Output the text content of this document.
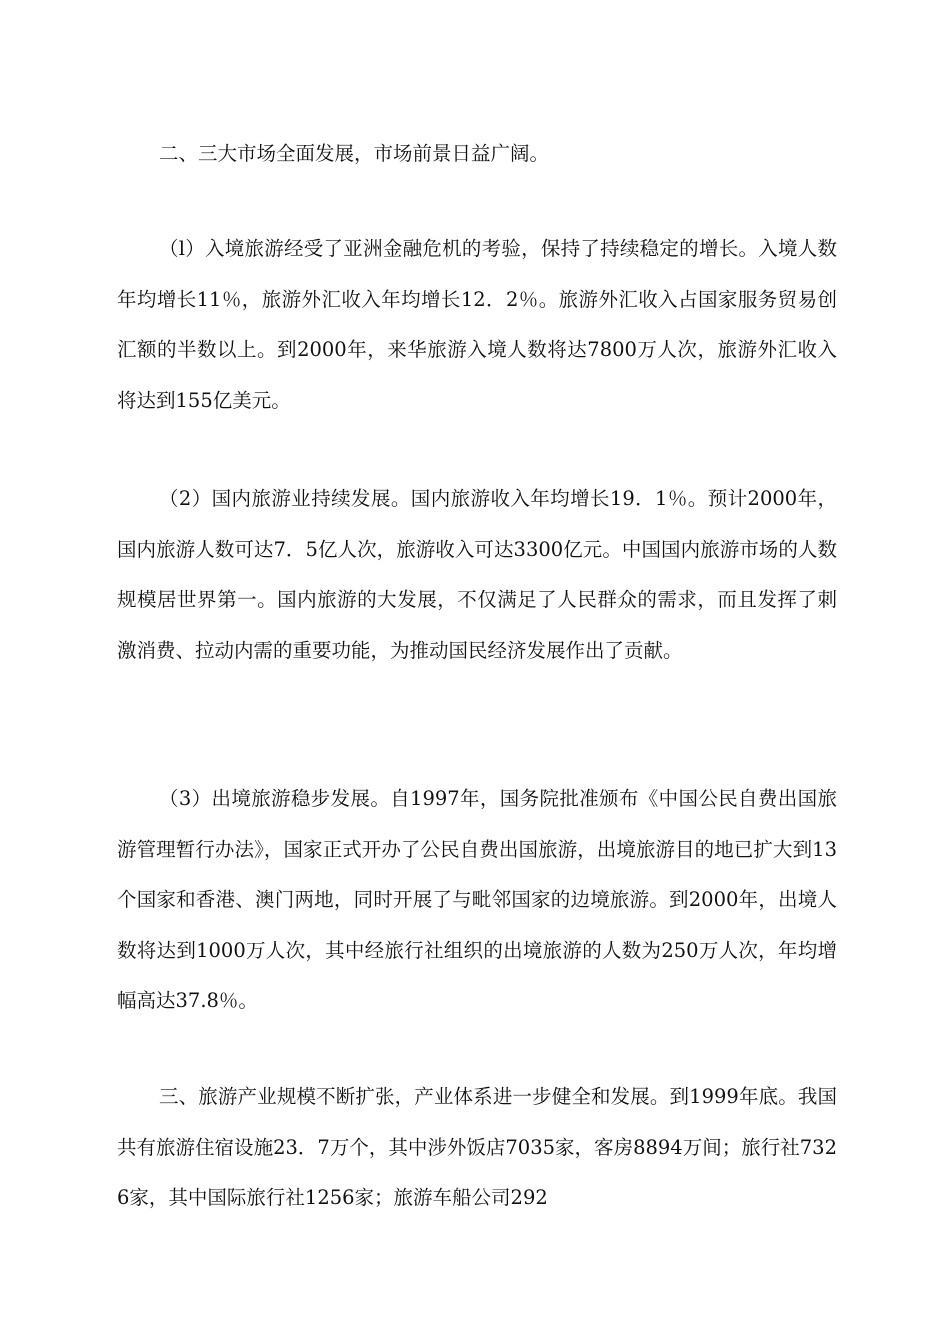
二、三大市场全面发展，市场前景日益广阔。

（l）入境旅游经受了亚洲金融危机的考验，保持了持续稳定的增长。入境人数年均增长11％，旅游外汇收入年均增长12．2％。旅游外汇收入占国家服务贸易创汇额的半数以上。到2000年，来华旅游入境人数将达7800万人次，旅游外汇收入将达到155亿美元。

（2）国内旅游业持续发展。国内旅游收入年均增长19．1％。预计2000年，国内旅游人数可达7．5亿人次，旅游收入可达3300亿元。中国国内旅游市场的人数规模居世界第一。国内旅游的大发展，不仅满足了人民群众的需求，而且发挥了刺激消费、拉动内需的重要功能，为推动国民经济发展作出了贡献。

（3）出境旅游稳步发展。自1997年，国务院批准颁布《中国公民自费出国旅游管理暂行办法》，国家正式开办了公民自费出国旅游，出境旅游目的地已扩大到13个国家和香港、澳门两地，同时开展了与毗邻国家的边境旅游。到2000年，出境人数将达到1000万人次，其中经旅行社组织的出境旅游的人数为250万人次，年均增幅高达37.8％。

三、旅游产业规模不断扩张，产业体系进一步健全和发展。到1999年底。我国共有旅游住宿设施23．7万个，其中涉外饭店7035家，客房8894万间；旅行社7326家，其中国际旅行社1256家；旅游车船公司292
